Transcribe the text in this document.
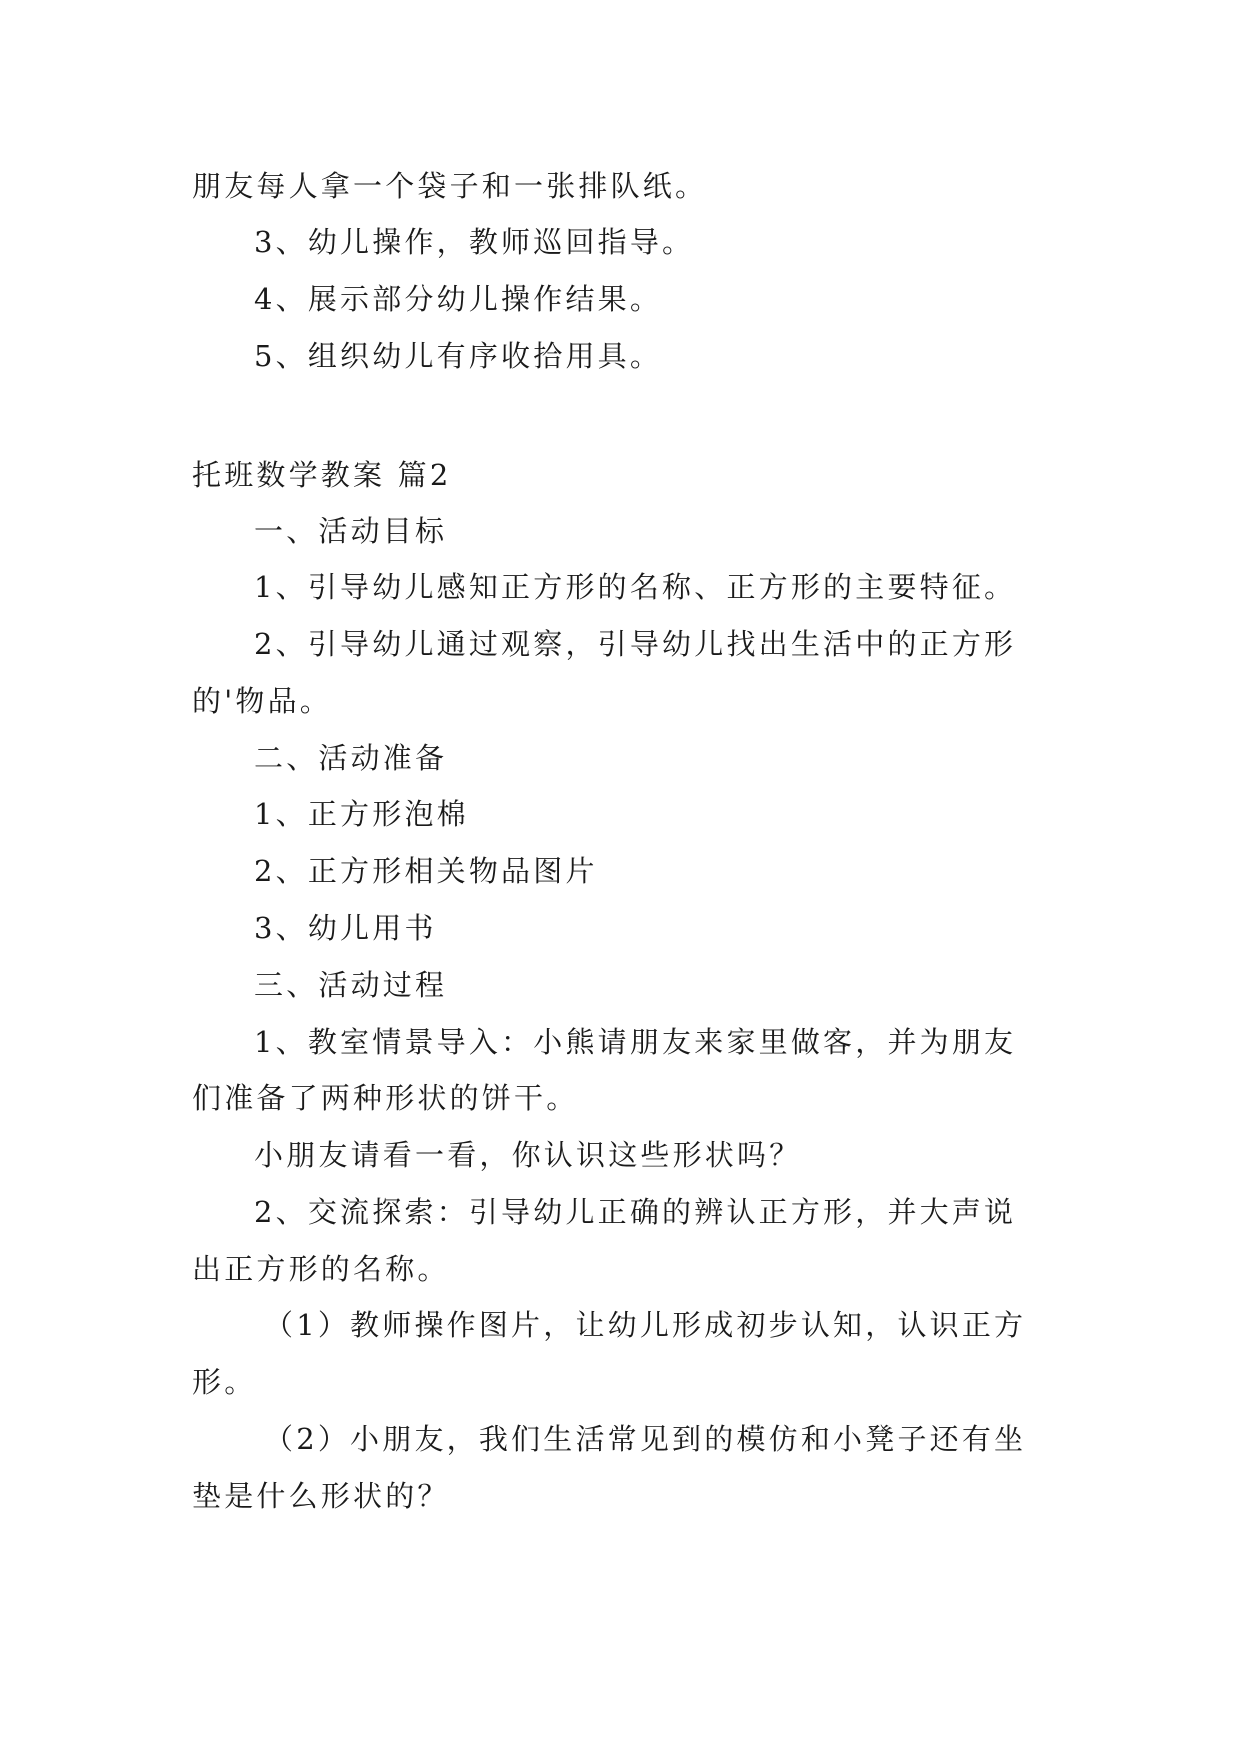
朋友每人拿一个袋子和一张排队纸。
3、幼儿操作，教师巡回指导。
4、展示部分幼儿操作结果。
5、组织幼儿有序收拾用具。
托班数学教案 篇2
一、活动目标
1、引导幼儿感知正方形的名称、正方形的主要特征。
2、引导幼儿通过观察，引导幼儿找出生活中的正方形
的'物品。
二、活动准备
1、正方形泡棉
2、正方形相关物品图片
3、幼儿用书
三、活动过程
1、教室情景导入：小熊请朋友来家里做客，并为朋友
们准备了两种形状的饼干。
小朋友请看一看，你认识这些形状吗？
2、交流探索：引导幼儿正确的辨认正方形，并大声说
出正方形的名称。
（1）教师操作图片，让幼儿形成初步认知，认识正方
形。
（2）小朋友，我们生活常见到的模仿和小凳子还有坐
垫是什么形状的？
